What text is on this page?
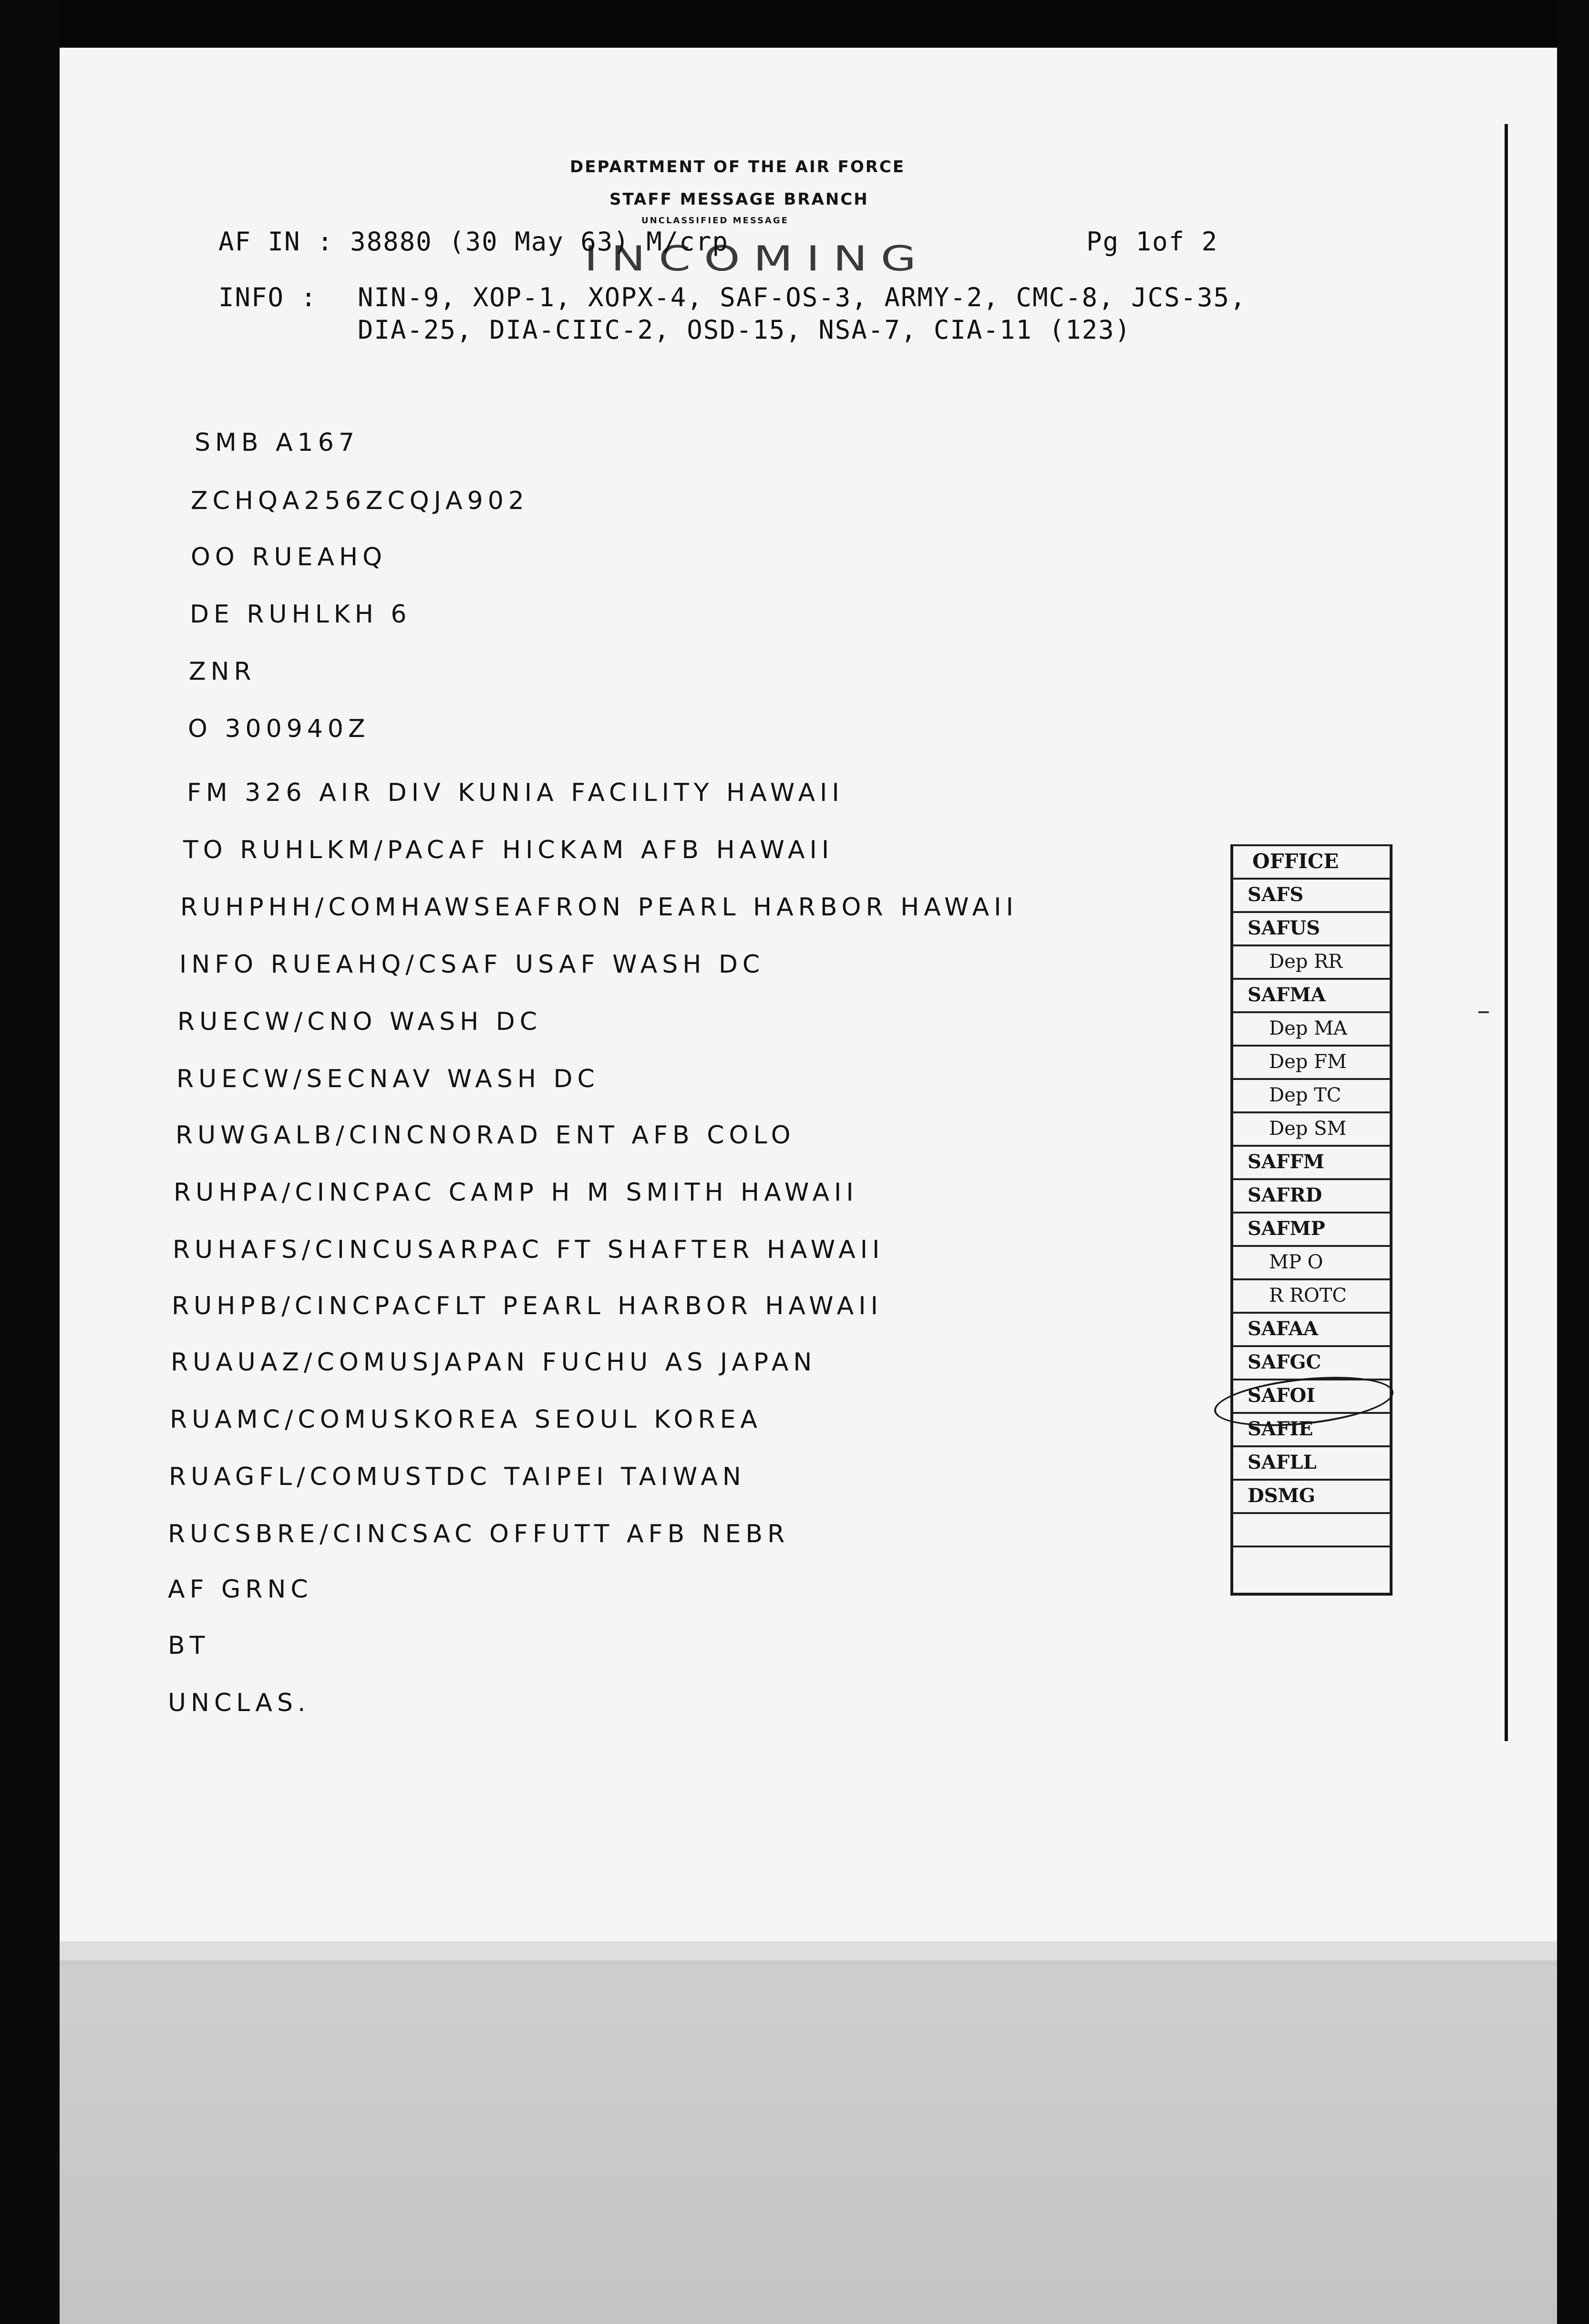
DEPARTMENT OF THE AIR FORCE
STAFF MESSAGE BRANCH
UNCLASSIFIED MESSAGE
INCOMING
AF IN : 38880 (30 May 63) M/crp	Pg 1of 2
INFO : NIN-9, XOP-1, XOPX-4, SAF-OS-3, ARMY-2, CMC-8, JCS-35,
DIA-25, DIA-CIIC-2, OSD-15, NSA-7, CIA-11 (123)
SMB A167
ZCHQA256ZCQJA902
OO RUEAHQ
DE RUHLKH 6
ZNR
O 300940Z
FM 326 AIR DIV KUNIA FACILITY HAWAII
TO RUHLKM/PACAF HICKAM AFB HAWAII
RUHPHH/COMHAWSEAFRON PEARL HARBOR HAWAII
INFO RUEAHQ/CSAF USAF WASH DC
RUECW/CNO WASH DC
RUECW/SECNAV WASH DC
RUWGALB/CINCNORAD ENT AFB COLO
RUHPA/CINCPAC CAMP H M SMITH HAWAII
RUHAFS/CINCUSARPAC FT SHAFTER HAWAII
RUHPB/CINCPACFLT PEARL HARBOR HAWAII
RUAUAZ/COMUSJAPAN FUCHU AS JAPAN
RUAMC/COMUSKOREA SEOUL KOREA
RUAGFL/COMUSTDC TAIPEI TAIWAN
RUCSBRE/CINCSAC OFFUTT AFB NEBR
AF GRNC
BT
UNCLAS.
OFFICE
SAFS
SAFUS
Dep RR
SAFMA
Dep MA
Dep FM
Dep TC
Dep SM
SAFFM
SAFRD
SAFMP
MP O
R ROTC
SAFAA
SAFGC
SAFOI
SAFIE
SAFLL
DSMG
